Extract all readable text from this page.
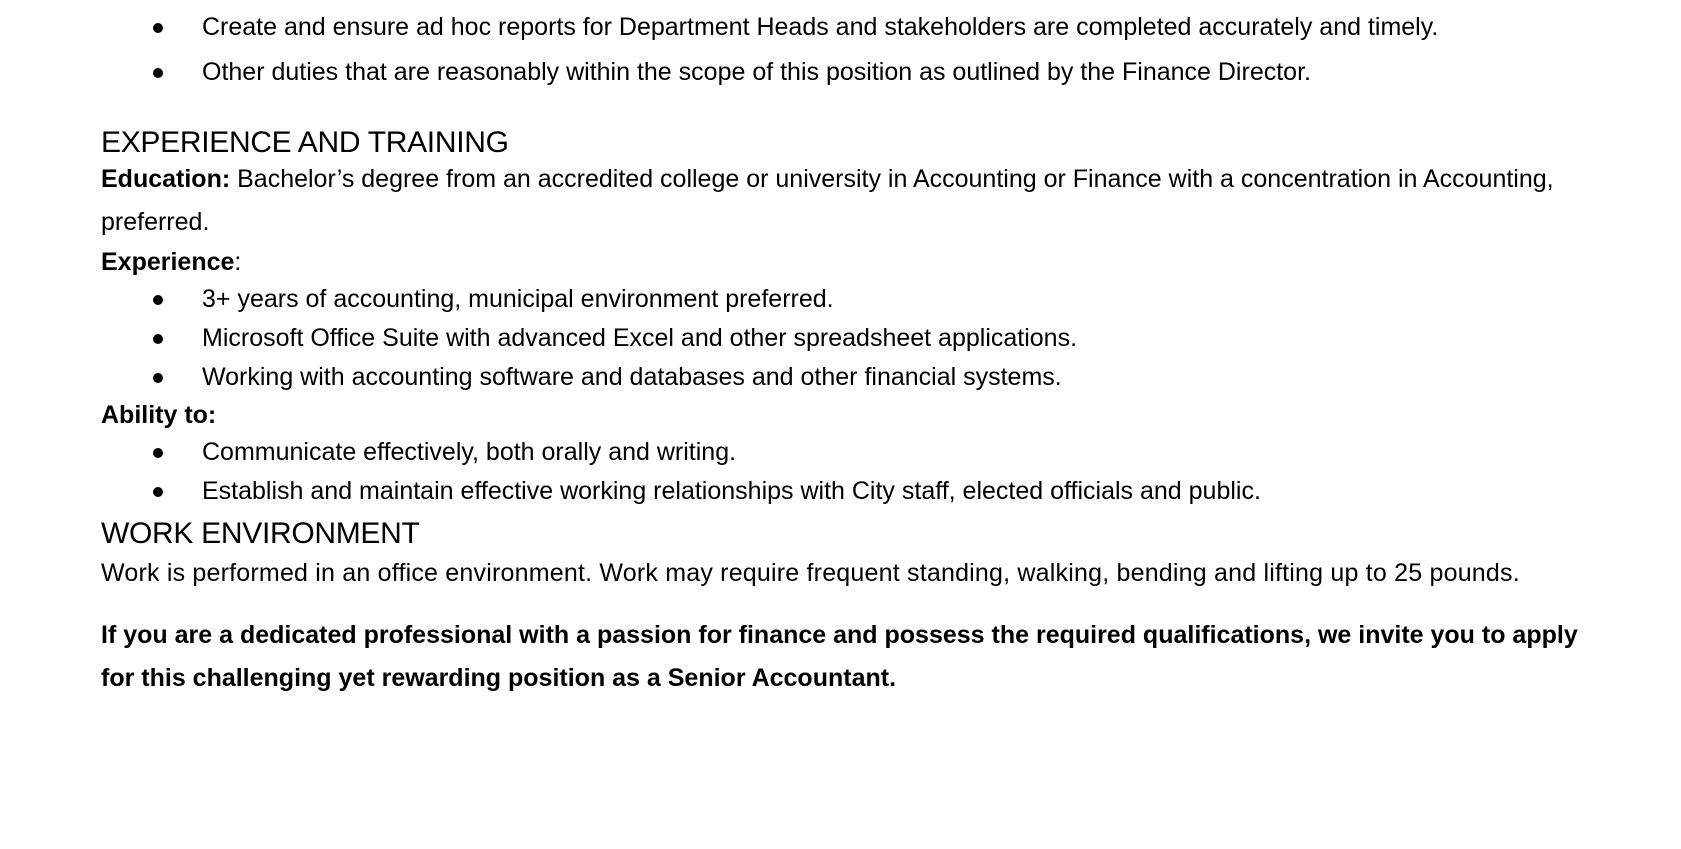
Create and ensure ad hoc reports for Department Heads and stakeholders are completed accurately and timely.
Other duties that are reasonably within the scope of this position as outlined by the Finance Director.
EXPERIENCE AND TRAINING

Education: Bachelor’s degree from an accredited college or university in Accounting or Finance with a concentration in Accounting, preferred.

Experience:

3+ years of accounting, municipal environment preferred.
Microsoft Office Suite with advanced Excel and other spreadsheet applications.
Working with accounting software and databases and other financial systems.

Ability to:

Communicate effectively, both orally and writing.
Establish and maintain effective working relationships with City staff, elected officials and public.
WORK ENVIRONMENT

Work is performed in an office environment. Work may require frequent standing, walking, bending and lifting up to 25 pounds.

If you are a dedicated professional with a passion for finance and possess the required qualifications, we invite you to apply for this challenging yet rewarding position as a Senior Accountant.
